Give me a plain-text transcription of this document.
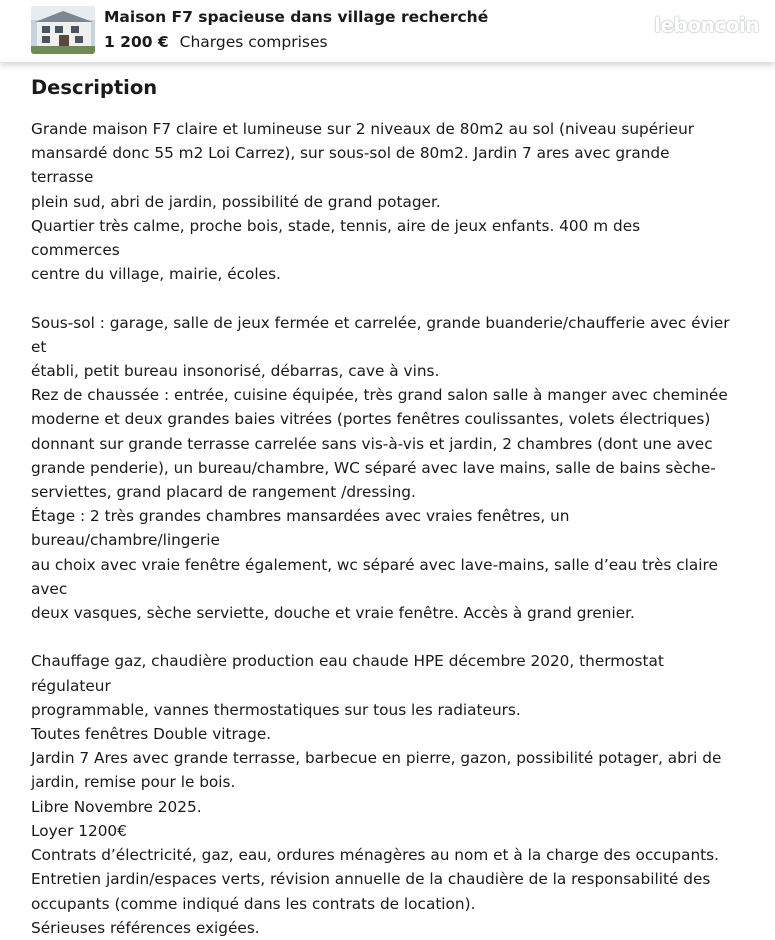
Maison F7 spacieuse dans village recherché
1 200 € Charges comprises
leboncoin
Description

Grande maison F7 claire et lumineuse sur 2 niveaux de 80m2 au sol (niveau supérieur
mansardé donc 55 m2 Loi Carrez), sur sous-sol de 80m2. Jardin 7 ares avec grande terrasse
plein sud, abri de jardin, possibilité de grand potager.
Quartier très calme, proche bois, stade, tennis, aire de jeux enfants. 400 m des commerces
centre du village, mairie, écoles.

Sous-sol : garage, salle de jeux fermée et carrelée, grande buanderie/chaufferie avec évier et
établi, petit bureau insonorisé, débarras, cave à vins.
Rez de chaussée : entrée, cuisine équipée, très grand salon salle à manger avec cheminée
moderne et deux grandes baies vitrées (portes fenêtres coulissantes, volets électriques)
donnant sur grande terrasse carrelée sans vis-à-vis et jardin, 2 chambres (dont une avec
grande penderie), un bureau/chambre, WC séparé avec lave mains, salle de bains sèche-
serviettes, grand placard de rangement /dressing.
Étage : 2 très grandes chambres mansardées avec vraies fenêtres, un bureau/chambre/lingerie
au choix avec vraie fenêtre également, wc séparé avec lave-mains, salle d’eau très claire avec
deux vasques, sèche serviette, douche et vraie fenêtre. Accès à grand grenier.

Chauffage gaz, chaudière production eau chaude HPE décembre 2020, thermostat régulateur
programmable, vannes thermostatiques sur tous les radiateurs.
Toutes fenêtres Double vitrage.
Jardin 7 Ares avec grande terrasse, barbecue en pierre, gazon, possibilité potager, abri de
jardin, remise pour le bois.
Libre Novembre 2025.
Loyer 1200€
Contrats d’électricité, gaz, eau, ordures ménagères au nom et à la charge des occupants.
Entretien jardin/espaces verts, révision annuelle de la chaudière de la responsabilité des
occupants (comme indiqué dans les contrats de location).
Sérieuses références exigées.
